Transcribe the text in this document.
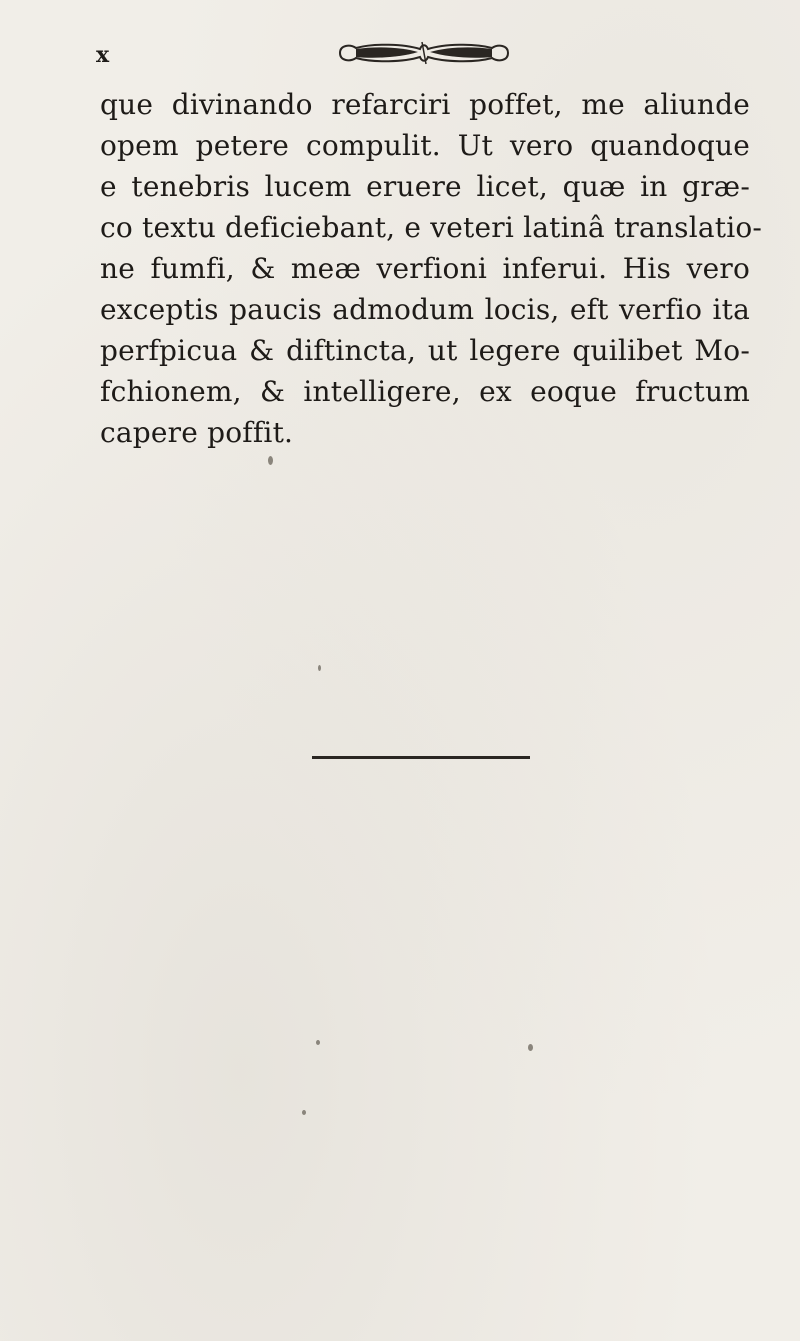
x
que divinando refarciri poffet, me aliunde
opem petere compulit. Ut vero quandoque
e tenebris lucem eruere licet, quæ in græ-
co textu deficiebant, e veteri latinâ translatio-
ne fumfi, & meæ verfioni inferui. His vero
exceptis paucis admodum locis, eft verfio ita
perfpicua & diftincta, ut legere quilibet Mo-
fchionem, & intelligere, ex eoque fructum
capere poffit.
